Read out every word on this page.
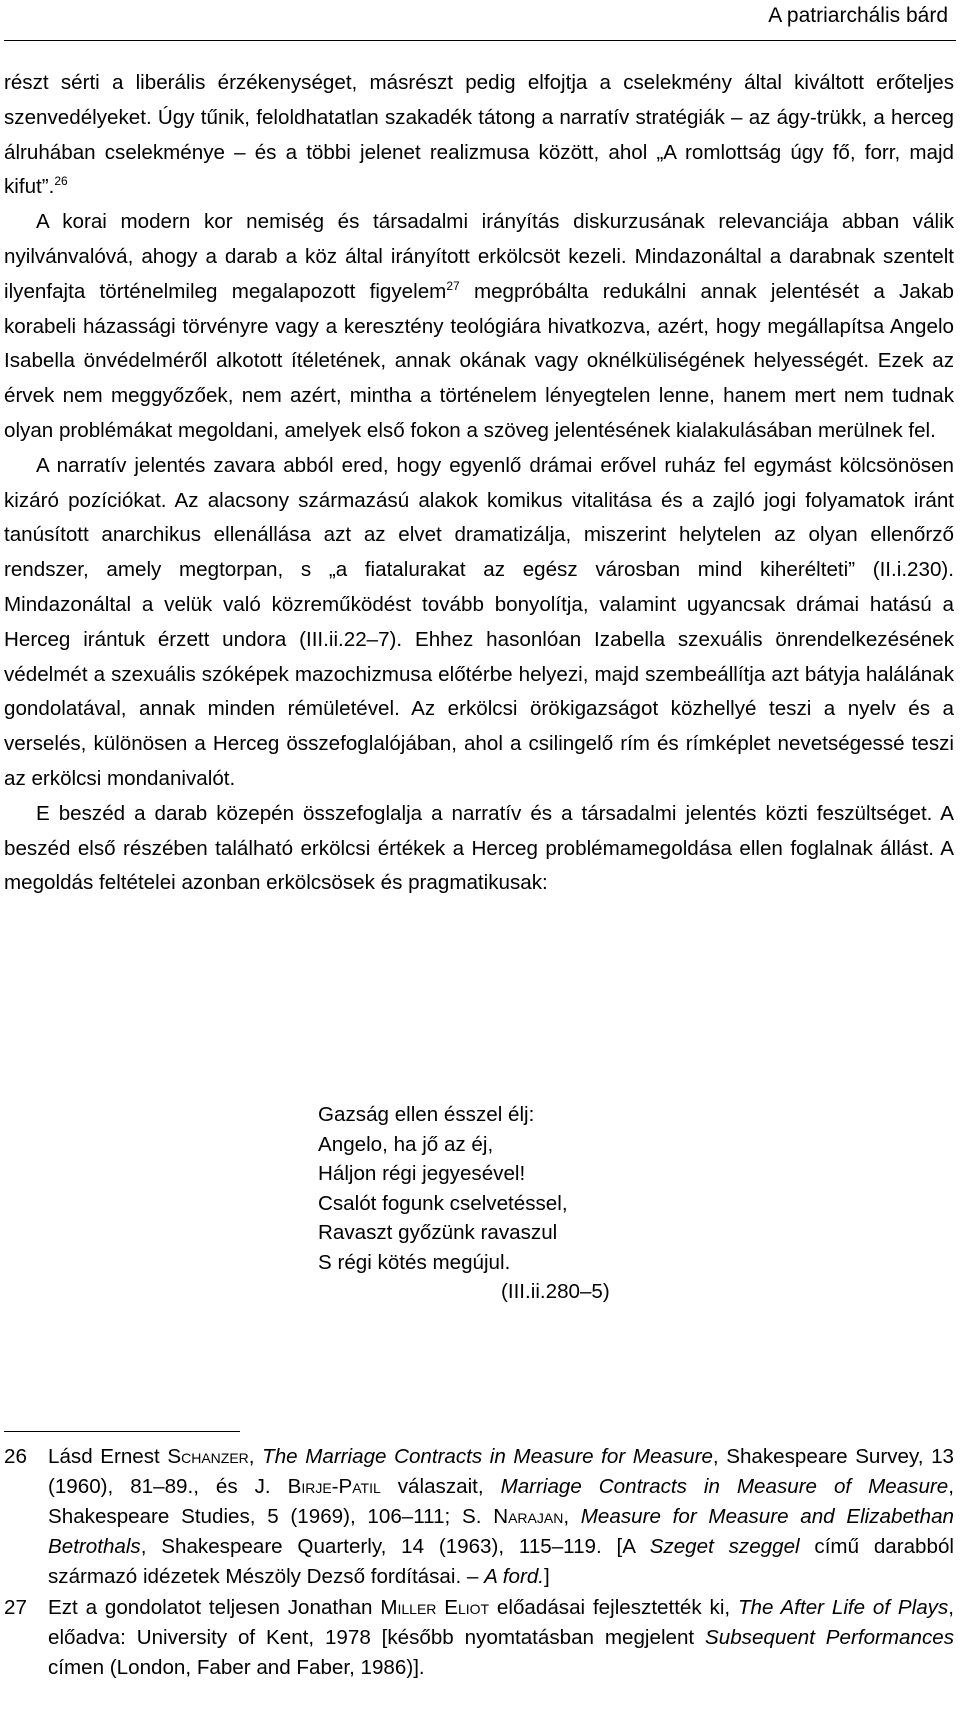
A patriarchális bárd

részt sérti a liberális érzékenységet, másrészt pedig elfojtja a cselekmény által kiváltott erőteljes szenvedélyeket. Úgy tűnik, feloldhatatlan szakadék tátong a narratív stratégiák – az ágy-trükk, a herceg álruhában cselekménye – és a többi jelenet realizmusa között, ahol „A romlottság úgy fő, forr, majd kifut”.$^{26}$

A korai modern kor nemiség és társadalmi irányítás diskurzusának relevanciája abban válik nyilvánvalóvá, ahogy a darab a köz által irányított erkölcsöt kezeli. Mindazonáltal a darabnak szentelt ilyenfajta történelmileg megalapozott figyelem$^{27}$ megpróbálta redukálni annak jelentését a Jakab korabeli házassági törvényre vagy a keresztény teológiára hivatkozva, azért, hogy megállapítsa Angelo Isabella önvédelméről alkotott ítéletének, annak okának vagy oknélküliségének helyességét. Ezek az érvek nem meggyőzőek, nem azért, mintha a történelem lényegtelen lenne, hanem mert nem tudnak olyan problémákat megoldani, amelyek első fokon a szöveg jelentésének kialakulásában merülnek fel.

A narratív jelentés zavara abból ered, hogy egyenlő drámai erővel ruház fel egymást kölcsönösen kizáró pozíciókat. Az alacsony származású alakok komikus vitalitása és a zajló jogi folyamatok iránt tanúsított anarchikus ellenállása azt az elvet dramatizálja, miszerint helytelen az olyan ellenőrző rendszer, amely megtorpan, s „a fiatalurakat az egész városban mind kiherélteti” (II.i.230). Mindazonáltal a velük való közreműködést tovább bonyolítja, valamint ugyancsak drámai hatású a Herceg irántuk érzett undora (III.ii.22–7). Ehhez hasonlóan Izabella szexuális önrendelkezésének védelmét a szexuális szóképek mazochizmusa előtérbe helyezi, majd szembeállítja azt bátyja halálának gondolatával, annak minden rémületével. Az erkölcsi örökigazságot közhellyé teszi a nyelv és a verselés, különösen a Herceg összefoglalójában, ahol a csilingelő rím és rímképlet nevetségessé teszi az erkölcsi mondanivalót.

E beszéd a darab közepén összefoglalja a narratív és a társadalmi jelentés közti feszültséget. A beszéd első részében található erkölcsi értékek a Herceg problémamegoldása ellen foglalnak állást. A megoldás feltételei azonban erkölcsösek és pragmatikusak:

Gazság ellen ésszel élj:
Angelo, ha jő az éj,
Háljon régi jegyesével!
Csalót fogunk cselvetéssel,
Ravaszt győzünk ravaszul
S régi kötés megújul.
(III.ii.280–5)
26	Lásd Ernest Schanzer, The Marriage Contracts in Measure for Measure, Shakespeare Survey, 13 (1960), 81–89., és J. Birje-Patil válaszait, Marriage Contracts in Measure of Measure, Shakespeare Studies, 5 (1969), 106–111; S. Narajan, Measure for Measure and Elizabethan Betrothals, Shakespeare Quarterly, 14 (1963), 115–119. [A Szeget szeggel című darabból származó idézetek Mészöly Dezső fordításai. – A ford.]
27	Ezt a gondolatot teljesen Jonathan Miller Eliot előadásai fejlesztették ki, The After Life of Plays, előadva: University of Kent, 1978 [később nyomtatásban megjelent Subsequent Performances címen (London, Faber and Faber, 1986)].
